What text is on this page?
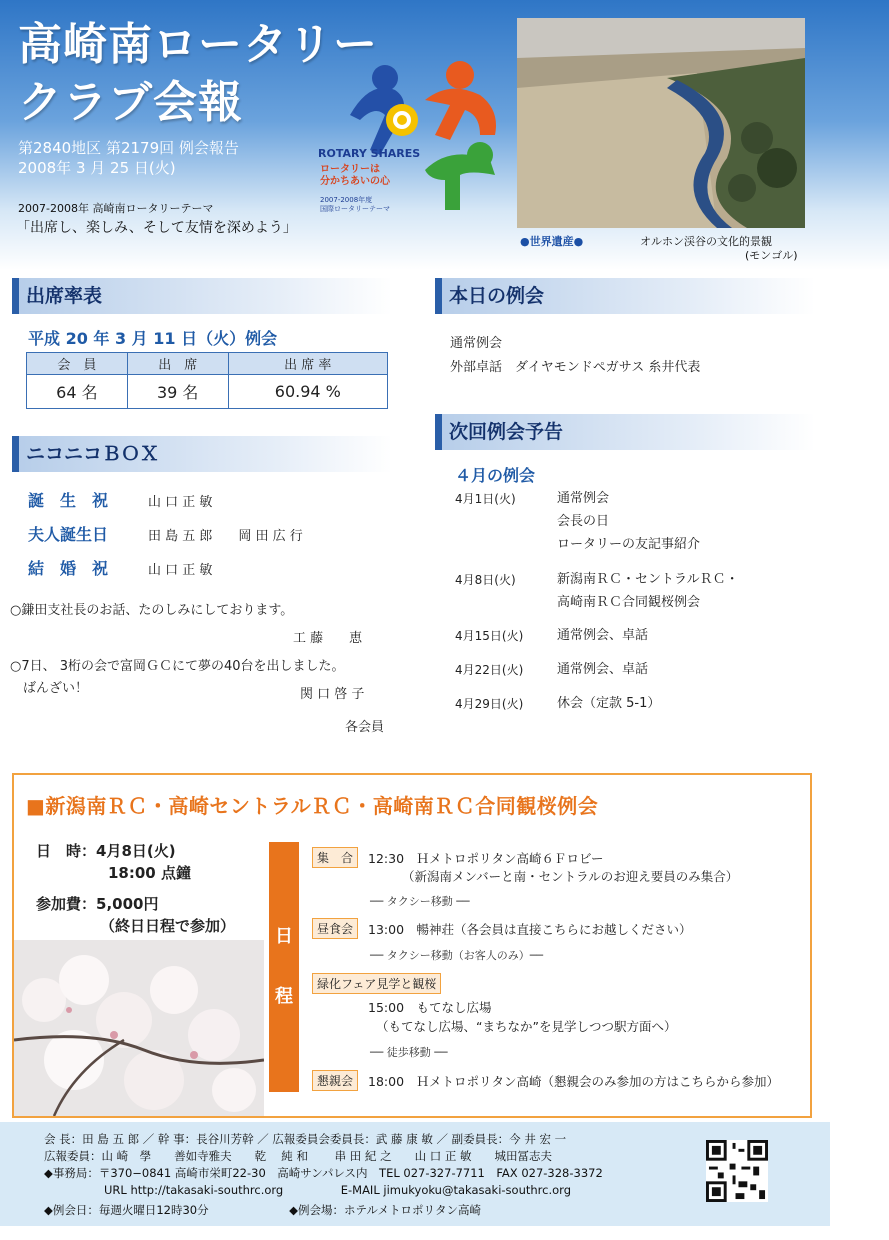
高崎南ロータリー
クラブ会報
第2840地区 第2179回 例会報告
2008年 3 月 25 日(火)
2007-2008年 高崎南ロータリーテーマ
「出席し、楽しみ、そして友情を深めよう」
ROTARY SHARES
ロータリーは
分かちあいの心
2007-2008年度
国際ロータリーテーマ
●世界遺産●	オルホン渓谷の文化的景観
(モンゴル)
出席率表
平成 20 年 3 月 11 日（火）例会
会　員	出　席	出 席 率
64 名	39 名	60.94 %
ニコニコＢＯＸ
誕　生　祝	山 口 正 敏
夫人誕生日	田 島 五 郎　　岡 田 広 行
結　婚　祝	山 口 正 敏
○鎌田支社長のお話、たのしみにしております。
工 藤　　恵
○7日、 3桁の会で富岡ＧＣにて夢の40台を出しました。
　ばんざい！	関 口 啓 子
各会員
本日の例会
通常例会
外部卓話　ダイヤモンドペガサス 糸井代表
次回例会予告
４月の例会
4月1日(火)	通常例会
会長の日
ロータリーの友記事紹介
4月8日(火)	新潟南ＲＣ・セントラルＲＣ・
高崎南ＲＣ合同観桜例会
4月15日(火)	通常例会、卓話
4月22日(火)	通常例会、卓話
4月29日(火)	休会（定款 5-1）
■新潟南ＲＣ・高崎セントラルＲＣ・高崎南ＲＣ合同観桜例会
日　時：4月8日(火)
18:00 点鐘
参加費：5,000円
（終日日程で参加）	日
程
集　合	12:30　Ｈメトロポリタン高崎６Ｆロビー
（新潟南メンバーと南・セントラルのお迎え要員のみ集合）
── タクシー移動 ──
昼食会	13:00　暢神荘（各会員は直接こちらにお越しください）
── タクシー移動（お客人のみ）──
緑化フェア見学と観桜
15:00　もてなし広場
（もてなし広場、“まちなか”を見学しつつ駅方面へ）
── 徒歩移動 ──
懇親会	18:00　Ｈメトロポリタン高崎（懇親会のみ参加の方はこちらから参加）
会 長：田 島 五 郎 ／ 幹 事：長谷川芳幹 ／ 広報委員会委員長：武 藤 康 敏 ／ 副委員長：今 井 宏 一
広報委員：山 崎　學　　善如寺雅夫　　乾　 純 和　　 串 田 紀 之　　山 口 正 敏　　城田冨志夫
◆事務局：〒370−0841 高崎市栄町22-30　高崎サンパレス内　TEL 027-327-7711　FAX 027-328-3372
URL http://takasaki-southrc.org　　　　　E-MAIL jimukyoku@takasaki-southrc.org
◆例会日：毎週火曜日12時30分　　　　　　　◆例会場：ホテルメトロポリタン高崎
